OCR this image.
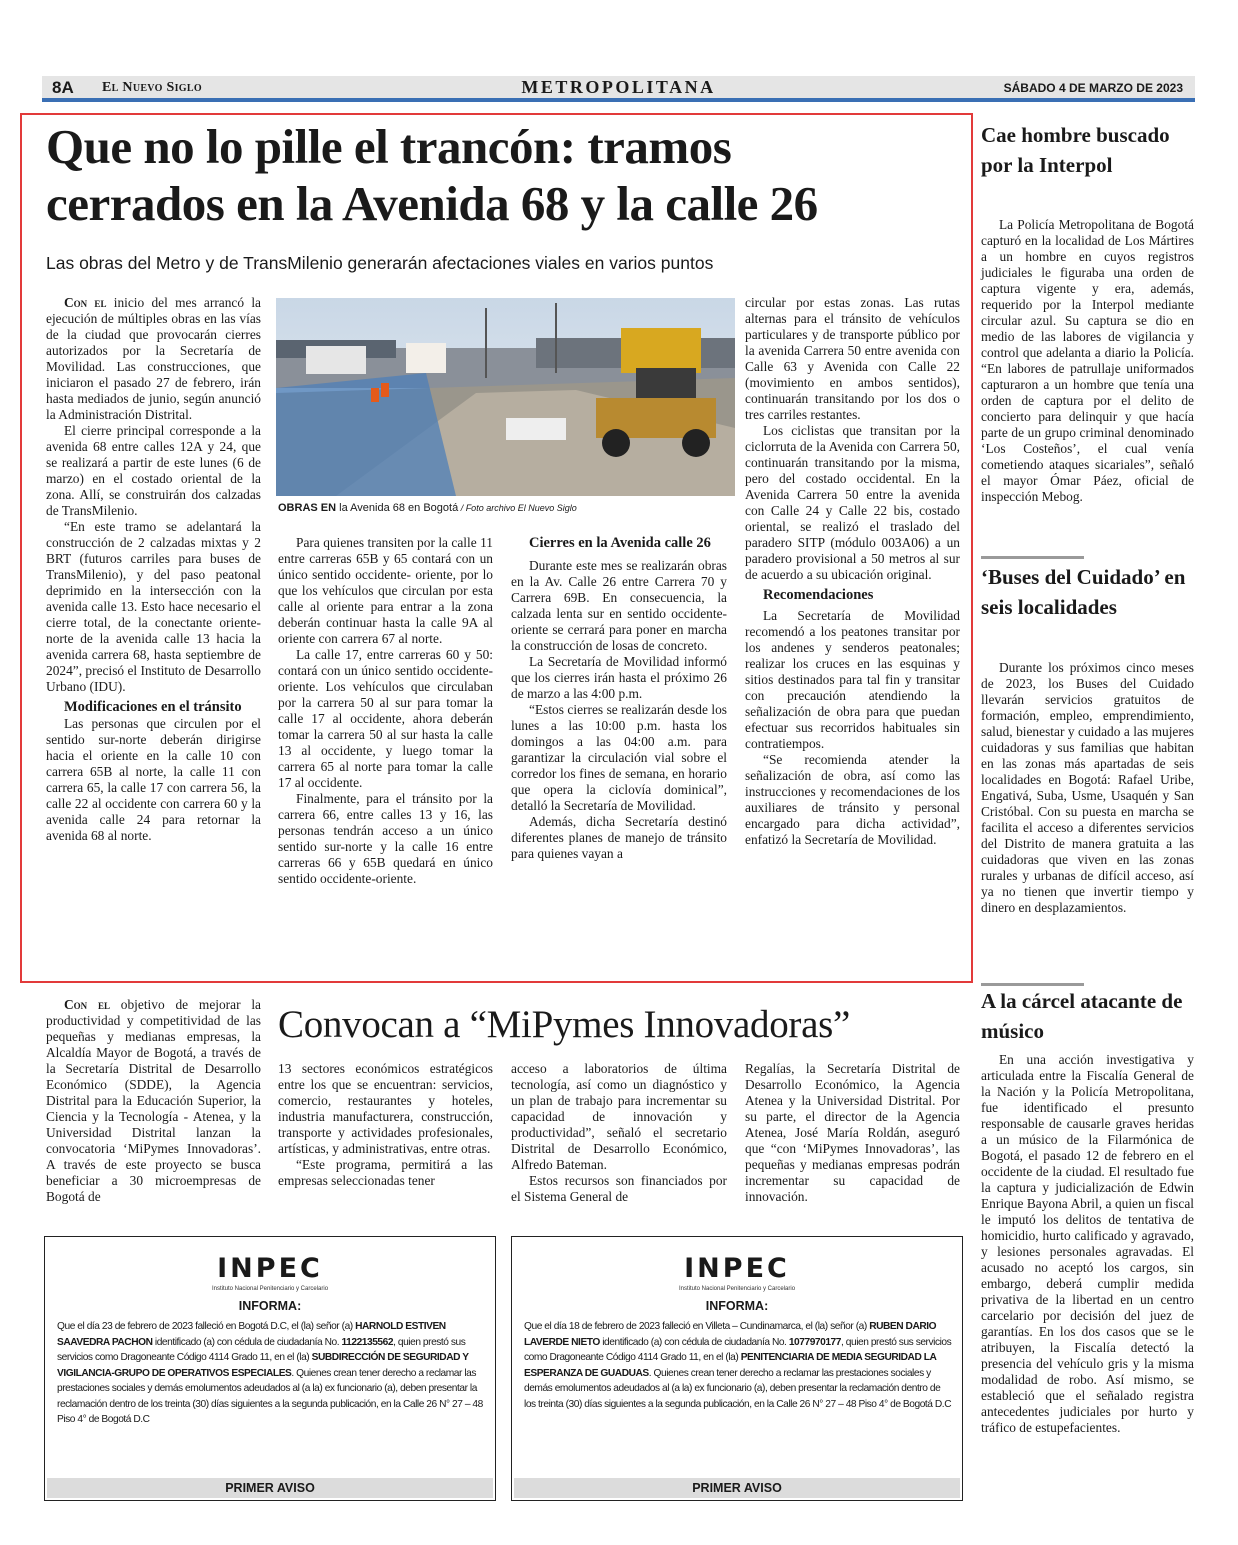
8A El Nuevo Siglo	METROPOLITANA	SÁBADO 4 DE MARZO DE 2023
Que no lo pille el trancón: tramos
cerrados en la Avenida 68 y la calle 26
Las obras del Metro y de TransMilenio generarán afectaciones viales en varios puntos

Con el inicio del mes arrancó la ejecución de múltiples obras en las vías de la ciudad que provocarán cierres autorizados por la Secretaría de Movilidad. Las construcciones, que iniciaron el pasado 27 de febrero, irán hasta mediados de junio, según anunció la Administración Distrital.

El cierre principal corresponde a la avenida 68 entre calles 12A y 24, que se realizará a partir de este lunes (6 de marzo) en el costado oriental de la zona. Allí, se construirán dos calzadas de TransMilenio.

“En este tramo se adelantará la construcción de 2 calzadas mixtas y 2 BRT (futuros carriles para buses de TransMilenio), y del paso peatonal deprimido en la intersección con la avenida calle 13. Esto hace necesario el cierre total, de la conectante oriente- norte de la avenida calle 13 hacia la avenida carrera 68, hasta septiembre de 2024”, precisó el Instituto de Desarrollo Urbano (IDU).

Modificaciones en el tránsito

Las personas que circulen por el sentido sur-norte deberán dirigirse hacia el oriente en la calle 10 con carrera 65B al norte, la calle 11 con carrera 65, la calle 17 con carrera 56, la calle 22 al occidente con carrera 60 y la avenida calle 24 para retornar la avenida 68 al norte.

OBRAS EN la Avenida 68 en Bogotá / Foto archivo El Nuevo Siglo

Para quienes transiten por la calle 11 entre carreras 65B y 65 contará con un único sentido occidente- oriente, por lo que los vehículos que circulan por esta calle al oriente para entrar a la zona deberán continuar hasta la calle 9A al oriente con carrera 67 al norte.

La calle 17, entre carreras 60 y 50: contará con un único sentido occidente-oriente. Los vehículos que circulaban por la carrera 50 al sur para tomar la calle 17 al occidente, ahora deberán tomar la carrera 50 al sur hasta la calle 13 al occidente, y luego tomar la carrera 65 al norte para tomar la calle 17 al occidente.

Finalmente, para el tránsito por la carrera 66, entre calles 13 y 16, las personas tendrán acceso a un único sentido sur-norte y la calle 16 entre carreras 66 y 65B quedará en único sentido occidente-oriente.

Cierres en la Avenida calle 26

Durante este mes se realizarán obras en la Av. Calle 26 entre Carrera 70 y Carrera 69B. En consecuencia, la calzada lenta sur en sentido occidente-oriente se cerrará para poner en marcha la construcción de losas de concreto.

La Secretaría de Movilidad informó que los cierres irán hasta el próximo 26 de marzo a las 4:00 p.m.

“Estos cierres se realizarán desde los lunes a las 10:00 p.m. hasta los domingos a las 04:00 a.m. para garantizar la circulación vial sobre el corredor los fines de semana, en horario que opera la ciclovía dominical”, detalló la Secretaría de Movilidad.

Además, dicha Secretaría destinó diferentes planes de manejo de tránsito para quienes vayan a

circular por estas zonas. Las rutas alternas para el tránsito de vehículos particulares y de transporte público por la avenida Carrera 50 entre avenida con Calle 63 y Avenida con Calle 22 (movimiento en ambos sentidos), continuarán transitando por los dos o tres carriles restantes.

Los ciclistas que transitan por la ciclorruta de la Avenida con Carrera 50, continuarán transitando por la misma, pero del costado occidental. En la Avenida Carrera 50 entre la avenida con Calle 24 y Calle 22 bis, costado oriental, se realizó el traslado del paradero SITP (módulo 003A06) a un paradero provisional a 50 metros al sur de acuerdo a su ubicación original.

Recomendaciones

La Secretaría de Movilidad recomendó a los peatones transitar por los andenes y senderos peatonales; realizar los cruces en las esquinas y sitios destinados para tal fin y transitar con precaución atendiendo la señalización de obra para que puedan efectuar sus recorridos habituales sin contratiempos.

“Se recomienda atender la señalización de obra, así como las instrucciones y recomendaciones de los auxiliares de tránsito y personal encargado para dicha actividad”, enfatizó la Secretaría de Movilidad.

Cae hombre buscado por la Interpol

La Policía Metropolitana de Bogotá capturó en la localidad de Los Mártires a un hombre en cuyos registros judiciales le figuraba una orden de captura vigente y era, además, requerido por la Interpol mediante circular azul. Su captura se dio en medio de las labores de vigilancia y control que adelanta a diario la Policía. “En labores de patrullaje uniformados capturaron a un hombre que tenía una orden de captura por el delito de concierto para delinquir y que hacía parte de un grupo criminal denominado ‘Los Costeños’, el cual venía cometiendo ataques sicariales”, señaló el mayor Ómar Páez, oficial de inspección Mebog.

‘Buses del Cuidado’ en seis localidades

Durante los próximos cinco meses de 2023, los Buses del Cuidado llevarán servicios gratuitos de formación, empleo, emprendimiento, salud, bienestar y cuidado a las mujeres cuidadoras y sus familias que habitan en las zonas más apartadas de seis localidades en Bogotá: Rafael Uribe, Engativá, Suba, Usme, Usaquén y San Cristóbal. Con su puesta en marcha se facilita el acceso a diferentes servicios del Distrito de manera gratuita a las cuidadoras que viven en las zonas rurales y urbanas de difícil acceso, así ya no tienen que invertir tiempo y dinero en desplazamientos.

A la cárcel atacante de músico

En una acción investigativa y articulada entre la Fiscalía General de la Nación y la Policía Metropolitana, fue identificado el presunto responsable de causarle graves heridas a un músico de la Filarmónica de Bogotá, el pasado 12 de febrero en el occidente de la ciudad. El resultado fue la captura y judicialización de Edwin Enrique Bayona Abril, a quien un fiscal le imputó los delitos de tentativa de homicidio, hurto calificado y agravado, y lesiones personales agravadas. El acusado no aceptó los cargos, sin embargo, deberá cumplir medida privativa de la libertad en un centro carcelario por decisión del juez de garantías. En los dos casos que se le atribuyen, la Fiscalía detectó la presencia del vehículo gris y la misma modalidad de robo. Así mismo, se estableció que el señalado registra antecedentes judiciales por hurto y tráfico de estupefacientes.

Convocan a “MiPymes Innovadoras”

Con el objetivo de mejorar la productividad y competitividad de las pequeñas y medianas empresas, la Alcaldía Mayor de Bogotá, a través de la Secretaría Distrital de Desarrollo Económico (SDDE), la Agencia Distrital para la Educación Superior, la Ciencia y la Tecnología - Atenea, y la Universidad Distrital lanzan la convocatoria ‘MiPymes Innovadoras’. A través de este proyecto se busca beneficiar a 30 microempresas de Bogotá de

13 sectores económicos estratégicos entre los que se encuentran: servicios, comercio, restaurantes y hoteles, industria manufacturera, construcción, transporte y actividades profesionales, artísticas, y administrativas, entre otras.

“Este programa, permitirá a las empresas seleccionadas tener

acceso a laboratorios de última tecnología, así como un diagnóstico y un plan de trabajo para incrementar su capacidad de innovación y productividad”, señaló el secretario Distrital de Desarrollo Económico, Alfredo Bateman.

Estos recursos son financiados por el Sistema General de

Regalías, la Secretaría Distrital de Desarrollo Económico, la Agencia Atenea y la Universidad Distrital. Por su parte, el director de la Agencia Atenea, José María Roldán, aseguró que “con ‘MiPymes Innovadoras’, las pequeñas y medianas empresas podrán incrementar su capacidad de innovación.

INPEC
Instituto Nacional Penitenciario y Carcelario
INFORMA:
Que el día 23 de febrero de 2023 falleció en Bogotá D.C, el (la) señor (a) HARNOLD ESTIVEN SAAVEDRA PACHON identificado (a) con cédula de ciudadanía No. 1122135562, quien prestó sus servicios como Dragoneante Código 4114 Grado 11, en el (la) SUBDIRECCIÓN DE SEGURIDAD Y VIGILANCIA-GRUPO DE OPERATIVOS ESPECIALES. Quienes crean tener derecho a reclamar las prestaciones sociales y demás emolumentos adeudados al (a la) ex funcionario (a), deben presentar la reclamación dentro de los treinta (30) días siguientes a la segunda publicación, en la Calle 26 N° 27 – 48 Piso 4° de Bogotá D.C
PRIMER AVISO
INPEC
Instituto Nacional Penitenciario y Carcelario
INFORMA:
Que el día 18 de febrero de 2023 falleció en Villeta – Cundinamarca, el (la) señor (a) RUBEN DARIO LAVERDE NIETO identificado (a) con cédula de ciudadanía No. 1077970177, quien prestó sus servicios como Dragoneante Código 4114 Grado 11, en el (la) PENITENCIARIA DE MEDIA SEGURIDAD LA ESPERANZA DE GUADUAS. Quienes crean tener derecho a reclamar las prestaciones sociales y demás emolumentos adeudados al (a la) ex funcionario (a), deben presentar la reclamación dentro de los treinta (30) días siguientes a la segunda publicación, en la Calle 26 N° 27 – 48 Piso 4° de Bogotá D.C
PRIMER AVISO
